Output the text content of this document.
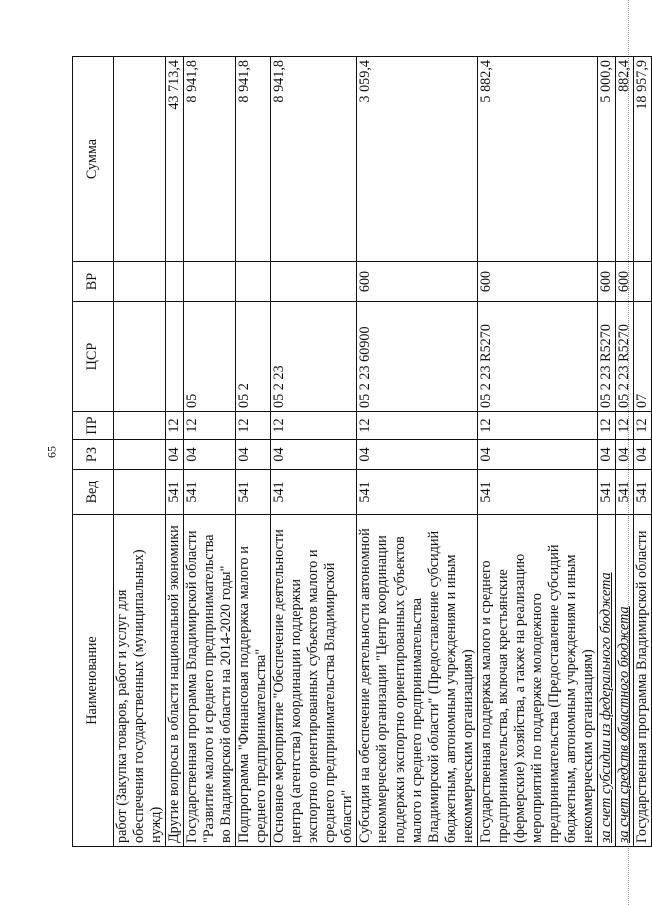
65
Наименование	Вед	РЗ	ПР	ЦСР	ВР	Сумма
работ (Закупка товаров, работ и услуг для обеспечения государственных (муниципальных) нужд)						
Другие вопросы в области национальной экономики	541	04	12			43 713,4
Государственная программа Владимирской области "Развитие малого и среднего предпринимательства во Владимирской области на 2014-2020 годы"	541	04	12	05		8 941,8
Подпрограмма "Финансовая поддержка малого и среднего предпринимательства"	541	04	12	05 2		8 941,8
Основное мероприятие "Обеспечение деятельности центра (агентства) координации поддержки экспортно ориентированных субъектов малого и среднего предпринимательства Владимирской области"	541	04	12	05 2 23		8 941,8
Субсидия на обеспечение деятельности автономной некоммерческой организации "Центр координации поддержки экспортно ориентированных субъектов малого и среднего предпринимательства Владимирской области" (Предоставление субсидий бюджетным, автономным учреждениям и иным некоммерческим организациям)	541	04	12	05 2 23 60900	600	3 059,4
Государственная поддержка малого и среднего предпринимательства, включая крестьянские (фермерские) хозяйства, а также на реализацию мероприятий по поддержке молодежного предпринимательства (Предоставление субсидий бюджетным, автономным учреждениям и иным некоммерческим организациям)	541	04	12	05 2 23 R5270	600	5 882,4
за счет субсидии из федерального бюджета	541	04	12	05 2 23 R5270	600	5 000,0
за счет средств областного бюджета	541	04	12	05 2 23 R5270	600	882,4
Государственная программа Владимирской области	541	04	12	07		18 957,9
